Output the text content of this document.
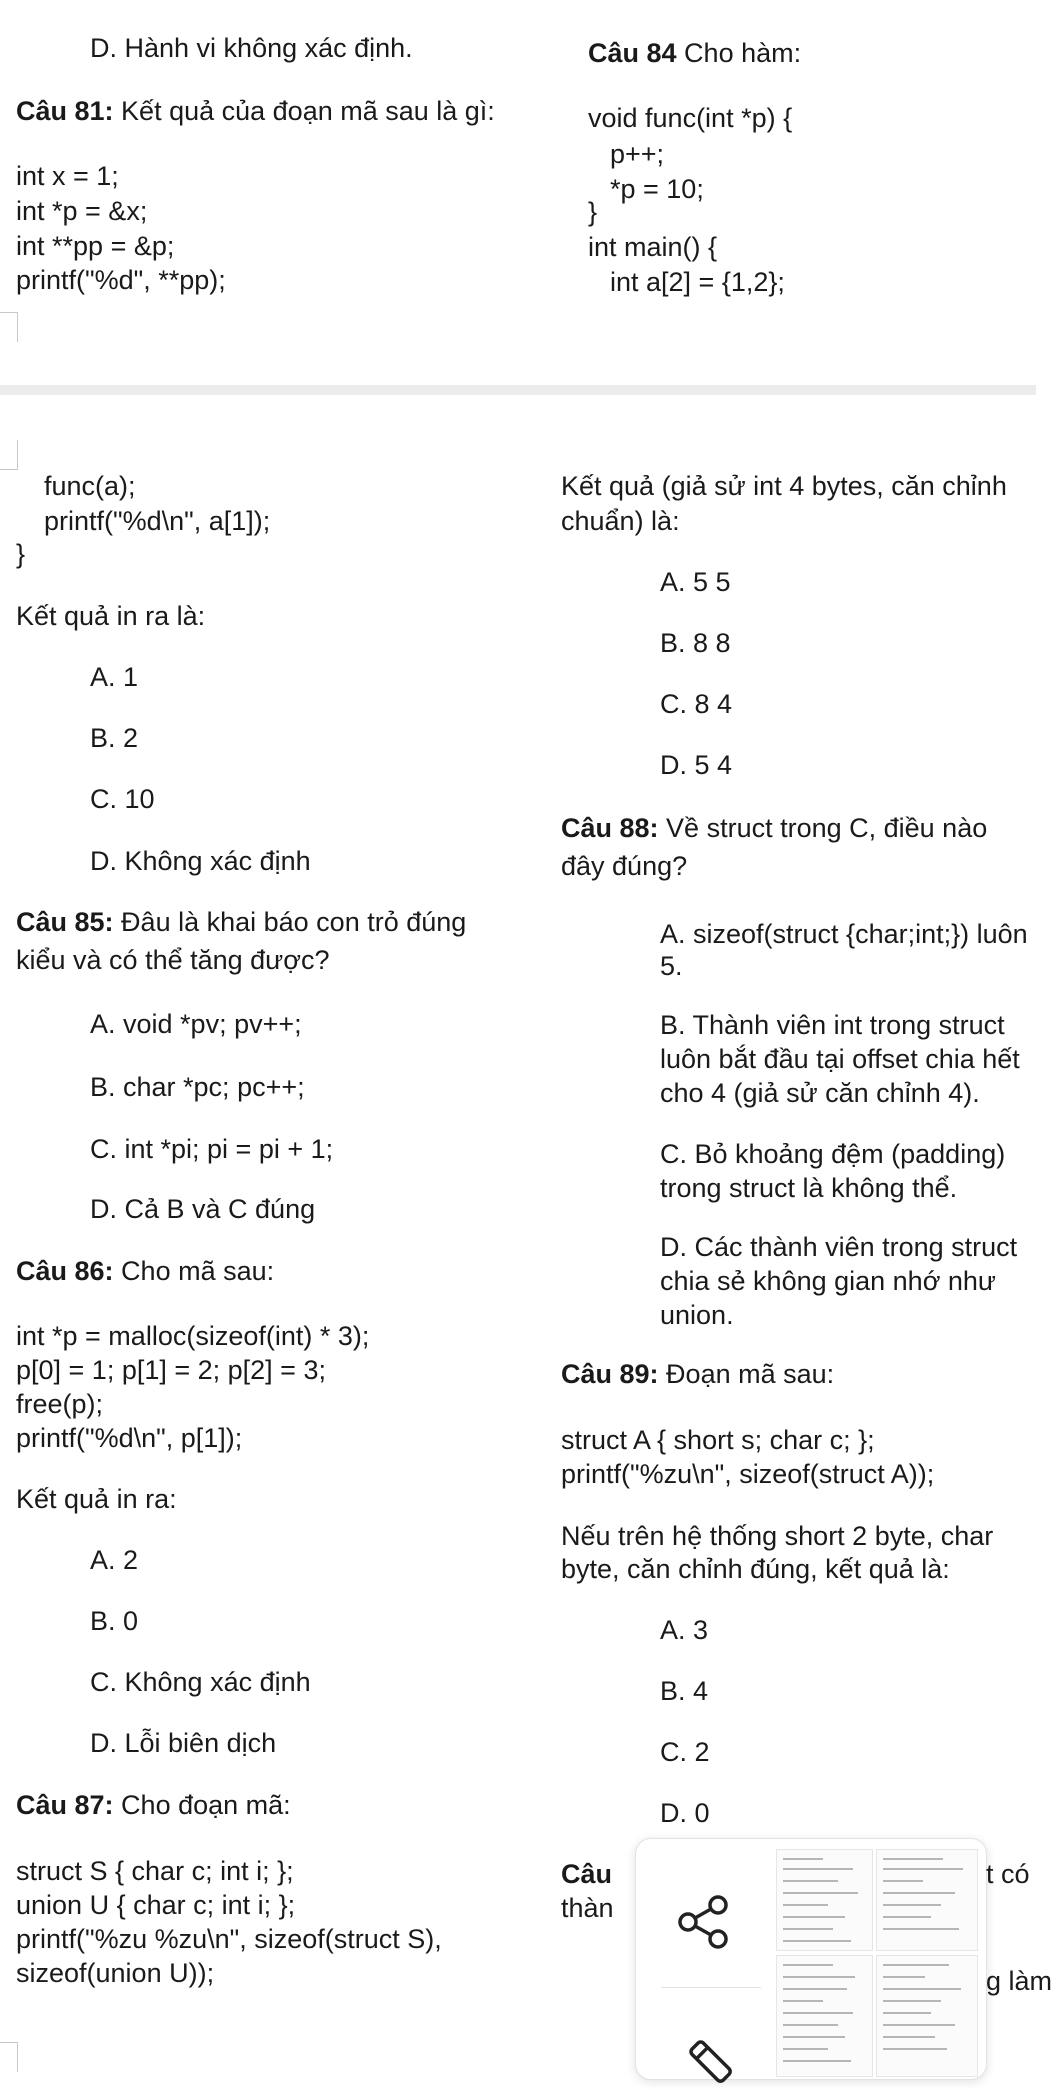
D. Hành vi không xác định.
Câu 81: Kết quả của đoạn mã sau là gì:
int x = 1;
int *p = &x;
int **pp = &p;
printf("%d", **pp);
Câu 84 Cho hàm:
void func(int *p) {
p++;
*p = 10;
}
int main() {
int a[2] = {1,2};
func(a);
printf("%d\n", a[1]);
}
Kết quả in ra là:
A. 1
B. 2
C. 10
D. Không xác định
Câu 85: Đâu là khai báo con trỏ đúng
kiểu và có thể tăng được?
A. void *pv; pv++;
B. char *pc; pc++;
C. int *pi; pi = pi + 1;
D. Cả B và C đúng
Câu 86: Cho mã sau:
int *p = malloc(sizeof(int) * 3);
p[0] = 1; p[1] = 2; p[2] = 3;
free(p);
printf("%d\n", p[1]);
Kết quả in ra:
A. 2
B. 0
C. Không xác định
D. Lỗi biên dịch
Câu 87: Cho đoạn mã:
struct S { char c; int i; };
union U { char c; int i; };
printf("%zu %zu\n", sizeof(struct S),
sizeof(union U));
Kết quả (giả sử int 4 bytes, căn chỉnh
chuẩn) là:
A. 5 5
B. 8 8
C. 8 4
D. 5 4
Câu 88: Về struct trong C, điều nào
đây đúng?
A. sizeof(struct {char;int;}) luôn
5.
B. Thành viên int trong struct
luôn bắt đầu tại offset chia hết
cho 4 (giả sử căn chỉnh 4).
C. Bỏ khoảng đệm (padding)
trong struct là không thể.
D. Các thành viên trong struct
chia sẻ không gian nhớ như
union.
Câu 89: Đoạn mã sau:
struct A { short s; char c; };
printf("%zu\n", sizeof(struct A));
Nếu trên hệ thống short 2 byte, char
byte, căn chỉnh đúng, kết quả là:
A. 3
B. 4
C. 2
D. 0
Câu
thàn
t có
g làm
